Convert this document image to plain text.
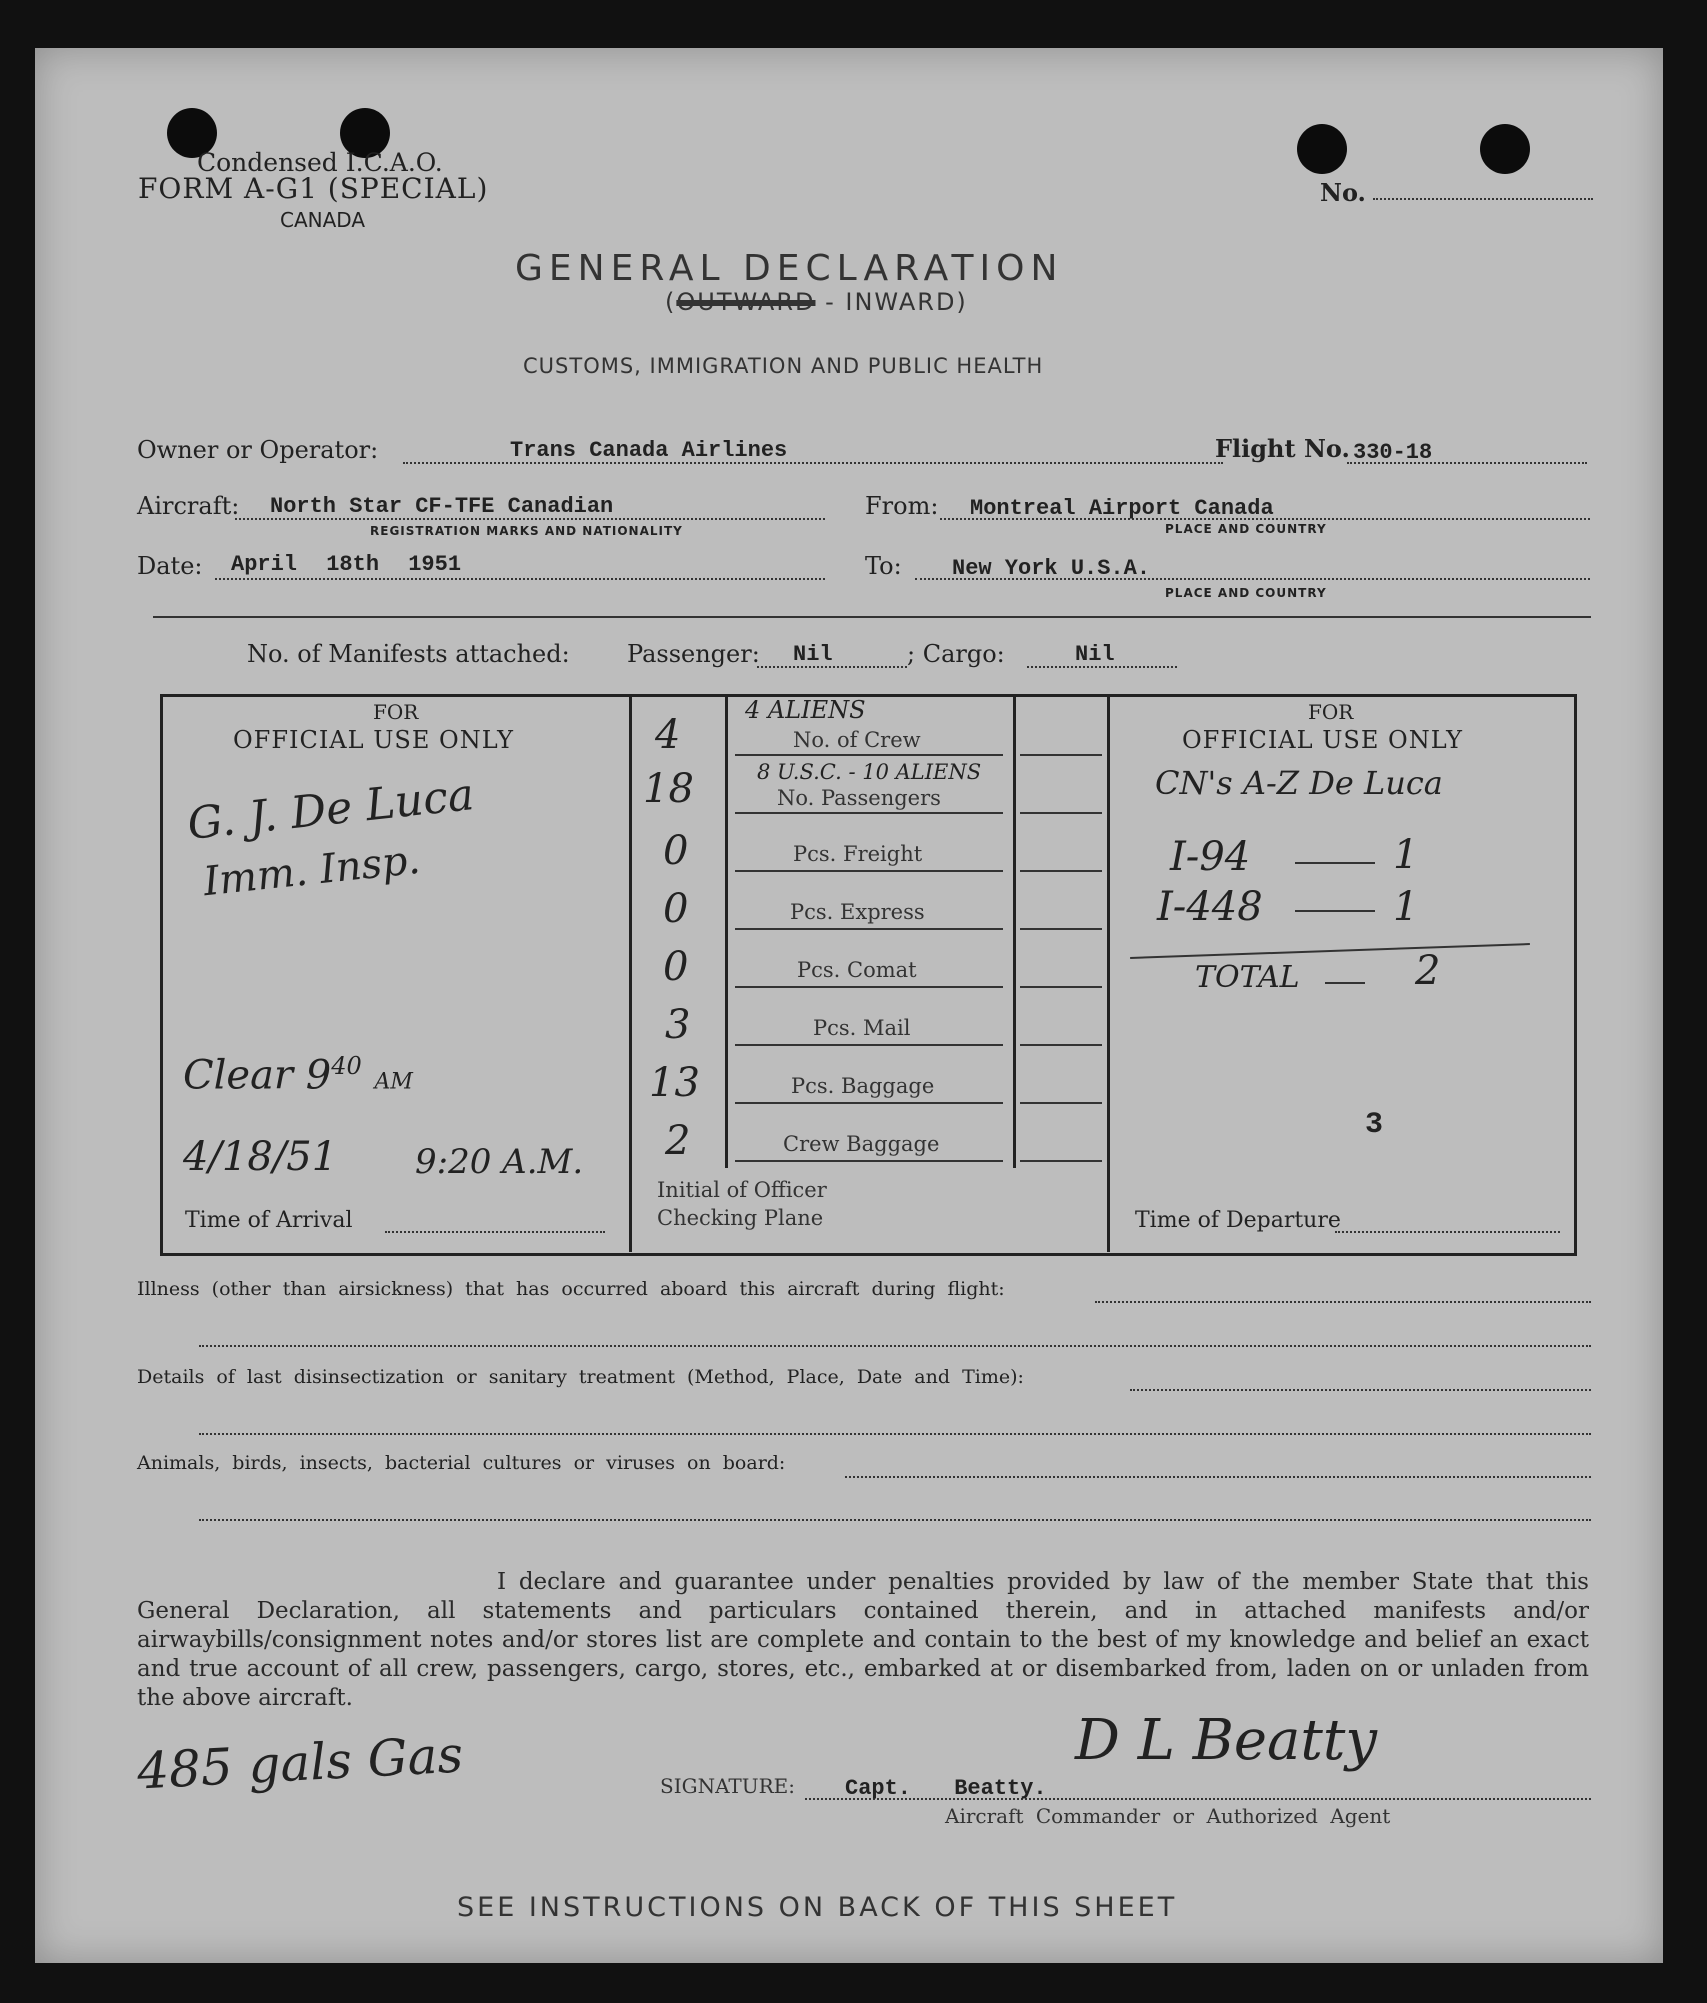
Condensed I.C.A.O.
FORM A-G1 (SPECIAL)
CANADA
No.
GENERAL DECLARATION
(OUTWARD - INWARD)
CUSTOMS, IMMIGRATION AND PUBLIC HEALTH
Owner or Operator:	Trans Canada Airlines	Flight No. 330-18
Aircraft: North Star CF-TFE Canadian
REGISTRATION MARKS AND NATIONALITY
From: Montreal Airport Canada
PLACE AND COUNTRY
Date: April 18th 1951	To: New York U.S.A.
PLACE AND COUNTRY
No. of Manifests attached: Passenger: Nil	; Cargo:	Nil
FOR
OFFICIAL USE ONLY
FOR
OFFICIAL USE ONLY
4	No. of Crew
4 ALIENS
18	No. Passengers
8 U.S.C. - 10 ALIENS
0	Pcs. Freight
0	Pcs. Express
0	Pcs. Comat
3	Pcs. Mail
13	Pcs. Baggage
2	Crew Baggage
Initial of Officer
Checking Plane
G. J. De Luca
Imm. Insp.
Clear $9^{40}$ AM
4/18/51 9:20 A.M.
Time of Arrival
CN's A-Z De Luca
I-94	1
I-448	1
TOTAL	2
3
Time of Departure
Illness (other than airsickness) that has occurred aboard this aircraft during flight:
Details of last disinsectization or sanitary treatment (Method, Place, Date and Time):
Animals, birds, insects, bacterial cultures or viruses on board:
I declare and guarantee under penalties provided by law of the member State that this General Declaration, all statements and particulars contained therein, and in attached manifests and/or airwaybills/consignment notes and/or stores list are complete and contain to the best of my knowledge and belief an exact and true account of all crew, passengers, cargo, stores, etc., embarked at or disembarked from, laden on or unladen from the above aircraft.
485 gals Gas	SIGNATURE: Capt. Beatty.
D L Beatty
Aircraft Commander or Authorized Agent
SEE INSTRUCTIONS ON BACK OF THIS SHEET
